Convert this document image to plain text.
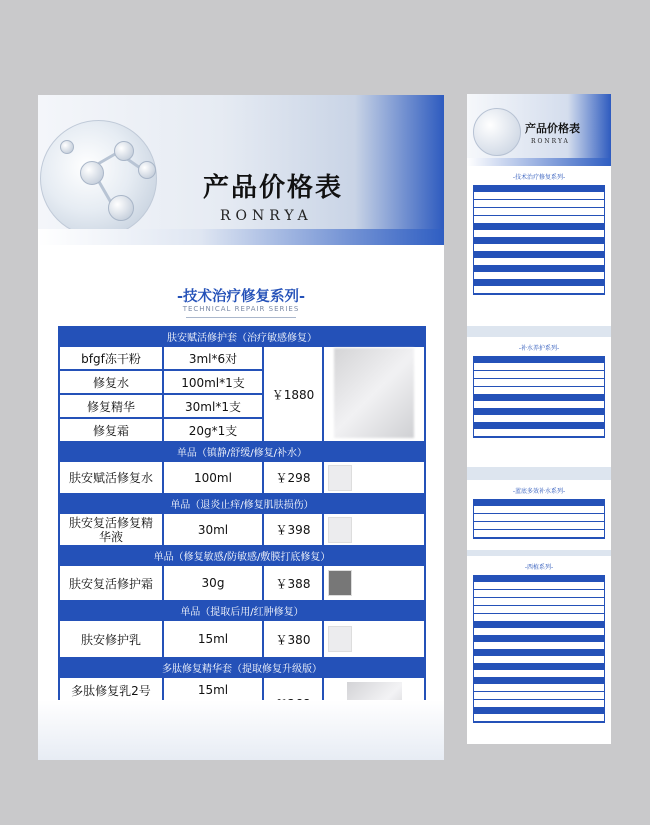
产品价格表
RONRYA
-技术治疗修复系列-
TECHNICAL REPAIR SERIES
肤安赋活修护套（治疗敏感修复）			
bfgf冻干粉	3ml*6对	￥1880	
修复水	100ml*1支		
修复精华	30ml*1支		
修复霜	20g*1支		
单品（镇静/舒缓/修复/补水）			
肤安赋活修复水	100ml	￥298	
单品（退炎止痒/修复肌肤损伤）			
肤安复活修复精华液	30ml	￥398	
单品（修复敏感/防敏感/敷膜打底修复）			
肤安复活修护霜	30g	￥388	
单品（提取后用/红肿修复）			
肤安修护乳	15ml	￥380	
多肽修复精华套（提取修复升级版）			
多肽修复乳2号	15ml		

产品价格表
RONRYA
-技术治疗修复系列-
-补水养护系列-
-蓝底多效补水系列-
-西植系列-
